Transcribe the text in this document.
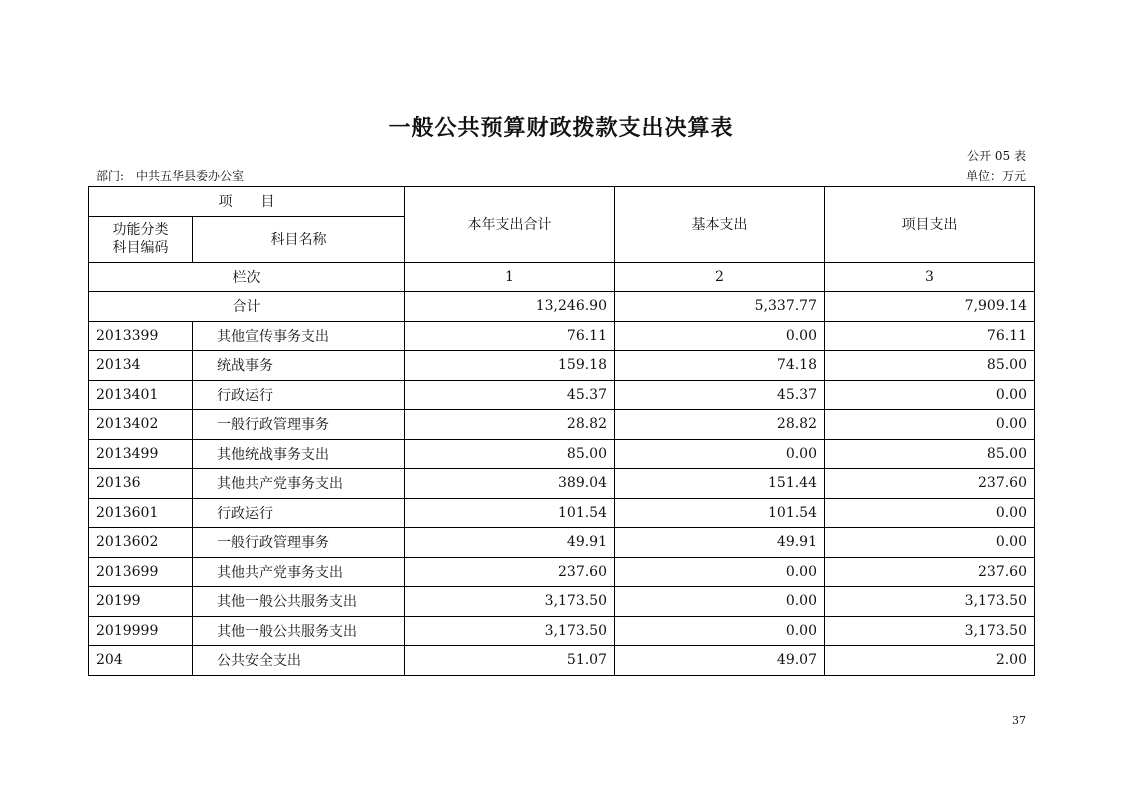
一般公共预算财政拨款支出决算表
公开 05 表
部门: 中共五华县委办公室	单位：万元
项　　目		本年支出合计	基本支出	项目支出

功能分类
科目编码	科目名称			
栏次		1	2	3
合计		13,246.90	5,337.77	7,909.14
2013399	其他宣传事务支出	76.11	0.00	76.11
20134	统战事务	159.18	74.18	85.00
2013401	行政运行	45.37	45.37	0.00
2013402	一般行政管理事务	28.82	28.82	0.00
2013499	其他统战事务支出	85.00	0.00	85.00
20136	其他共产党事务支出	389.04	151.44	237.60
2013601	行政运行	101.54	101.54	0.00
2013602	一般行政管理事务	49.91	49.91	0.00
2013699	其他共产党事务支出	237.60	0.00	237.60
20199	其他一般公共服务支出	3,173.50	0.00	3,173.50
2019999	其他一般公共服务支出	3,173.50	0.00	3,173.50
204	公共安全支出	51.07	49.07	2.00
37
